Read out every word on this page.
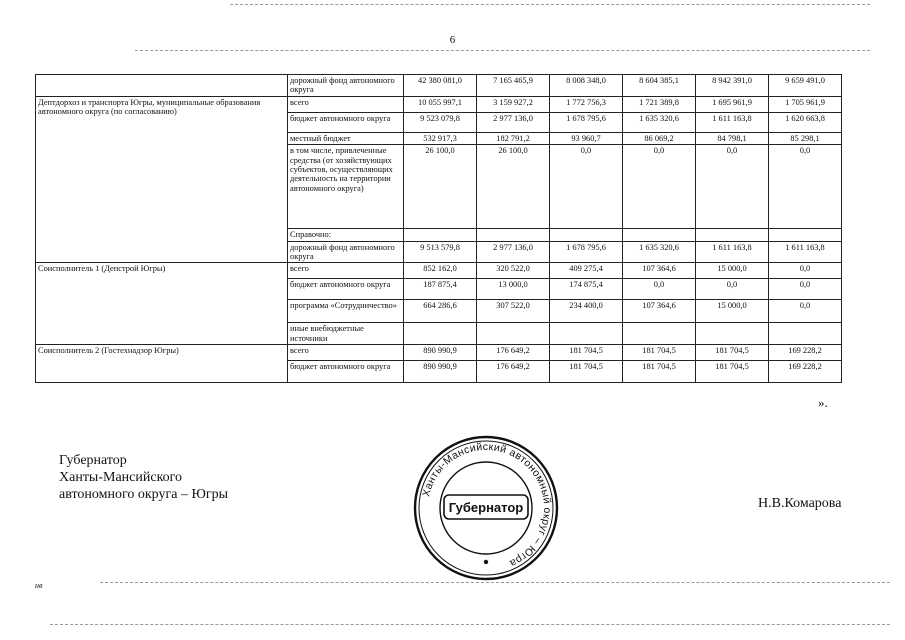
6
	дорожный фонд автономного округа	42 380 081,0	7 165 465,9	8 008 348,0	8 604 385,1	8 942 391,0	9 659 491,0
Дептдорхоз и транспорта Югры, муниципальные образования автономного округа (по согласованию)	всего	10 055 997,1	3 159 927,2	1 772 756,3	1 721 389,8	1 695 961,9	1 705 961,9
	бюджет автономного округа	9 523 079,8	2 977 136,0	1 678 795,6	1 635 320,6	1 611 163,8	1 620 663,8
	местный бюджет	532 917,3	182 791,2	93 960,7	86 069,2	84 798,1	85 298,1
	в том числе, привлеченные средства (от хозяйствующих субъектов, осуществляющих деятельность на территории автономного округа)	26 100,0	26 100,0	0,0	0,0	0,0	0,0
	Справочно:						
	дорожный фонд автономного округа	9 513 579,8	2 977 136,0	1 678 795,6	1 635 320,6	1 611 163,8	1 611 163,8
Соисполнитель 1 (Депстрой Югры)	всего	852 162,0	320 522,0	409 275,4	107 364,6	15 000,0	0,0
	бюджет автономного округа	187 875,4	13 000,0	174 875,4	0,0	0,0	0,0
	программа «Сотрудничество»	664 286,6	307 522,0	234 400,0	107 364,6	15 000,0	0,0
	иные внебюджетные источники						
Соисполнитель 2 (Гостехнадзор Югры)	всего	890 990,9	176 649,2	181 704,5	181 704,5	181 704,5	169 228,2
	бюджет автономного округа	890 990,9	176 649,2	181 704,5	181 704,5	181 704,5	169 228,2
».
Губернатор
Ханты-Мансийского
автономного округа – Югры	Ханты-Мансийский автономный округ – Югра
Губернатор	Н.В.Комарова
нв
